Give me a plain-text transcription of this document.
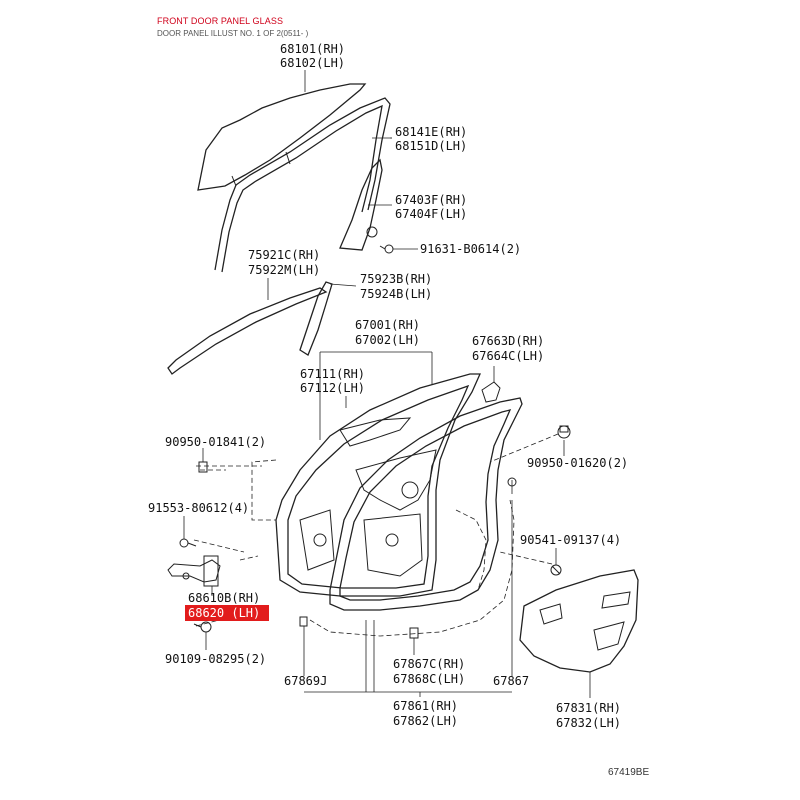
FRONT DOOR PANEL GLASS
DOOR PANEL ILLUST NO. 1 OF 2(0511- )
68101(RH)
68102(LH)
68141E(RH)
68151D(LH)
67403F(RH)
67404F(LH)
91631-B0614(2)
75921C(RH)
75922M(LH)
75923B(RH)
75924B(LH)
67001(RH)
67002(LH)	67663D(RH)
67664C(LH)
67111(RH)
67112(LH)
90950-01841(2)
90950-01620(2)
91553-80612(4)
90541-09137(4)
68610B(RH)
68620 (LH)
90109-08295(2)
67869J
67867C(RH)
67868C(LH) 67867
67861(RH)
67862(LH)
67831(RH)
67832(LH)
67419BE
